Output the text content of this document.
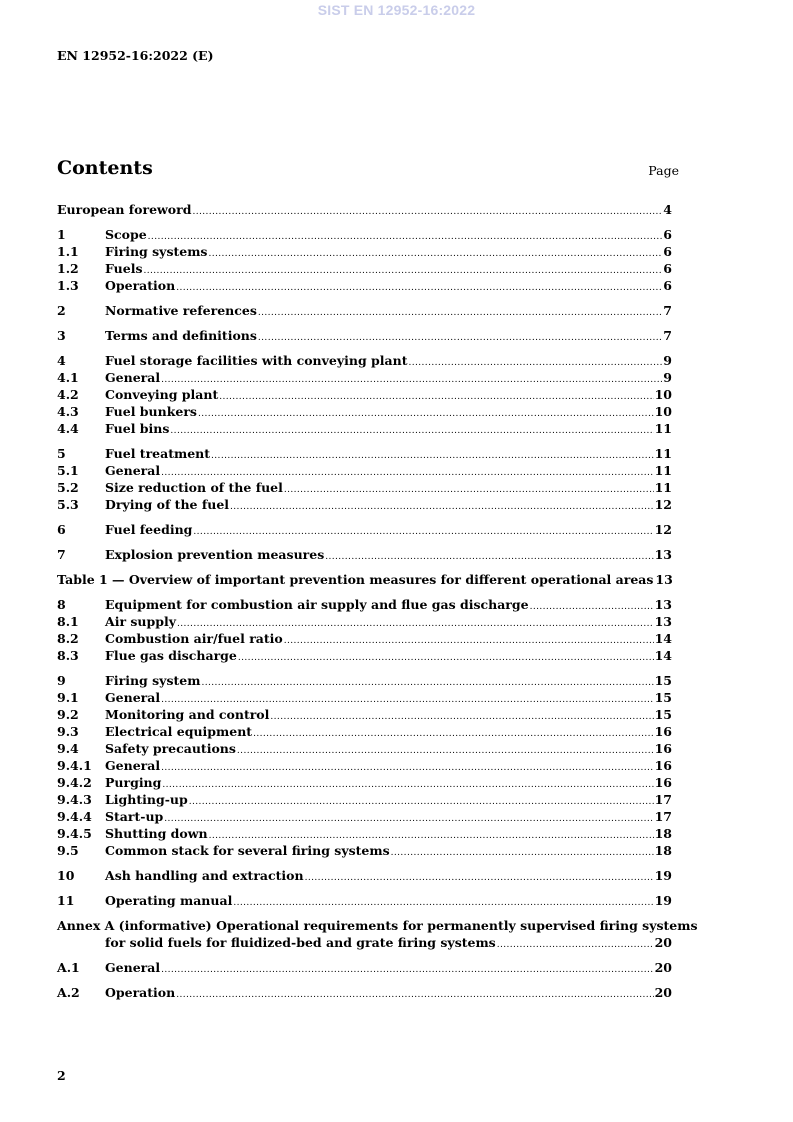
SIST EN 12952-16:2022
EN 12952-16:2022 (E)
Contents	Page
European foreword .....	4
1	Scope .....	6
1.1	Firing systems .....	6
1.2	Fuels .....	6
1.3	Operation .....	6
2	Normative references .....	7
3	Terms and definitions .....	7
4	Fuel storage facilities with conveying plant .....	9
4.1	General .....	9
4.2	Conveying plant .....	10
4.3	Fuel bunkers .....	10
4.4	Fuel bins .....	11
5	Fuel treatment .....	11
5.1	General .....	11
5.2	Size reduction of the fuel .....	11
5.3	Drying of the fuel .....	12
6	Fuel feeding .....	12
7	Explosion prevention measures .....	13
Table 1 — Overview of important prevention measures for different operational areas 13
8	Equipment for combustion air supply and flue gas discharge .....	13
8.1	Air supply .....	13
8.2	Combustion air/fuel ratio .....	14
8.3	Flue gas discharge .....	14
9	Firing system .....	15
9.1	General .....	15
9.2	Monitoring and control .....	15
9.3	Electrical equipment .....	16
9.4	Safety precautions .....	16
9.4.1	General .....	16
9.4.2	Purging .....	16
9.4.3	Lighting-up .....	17
9.4.4	Start-up .....	17
9.4.5	Shutting down .....	18
9.5	Common stack for several firing systems .....	18
10	Ash handling and extraction .....	19
11	Operating manual .....	19
Annex A (informative) Operational requirements for permanently supervised firing systems
for solid fuels for fluidized-bed and grate firing systems .....	20
A.1	General .....	20
A.2	Operation .....	20
2
